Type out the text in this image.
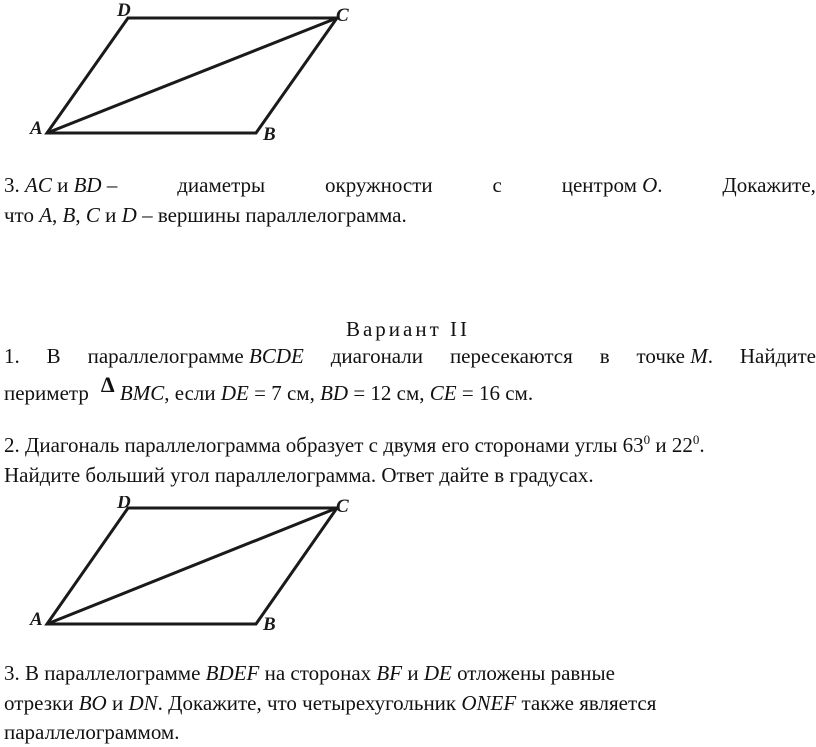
D	C
A	B
3. AC и BD –	диаметры	окружности	с	центром O.	Докажите,
что A, B, C и D – вершины параллелограмма.
Вариант II
1. В параллелограмме BCDE диагонали пересекаются в точке M. Найдите
периметр Δ BMC, если DE = 7 см, BD = 12 см, CE = 16 см.
2. Диагональ параллелограмма образует с двумя его сторонами углы $63^0$ и $22^0$.
Найдите больший угол параллелограмма. Ответ дайте в градусах.
D	C
A	B
3. В параллелограмме BDEF на сторонах BF и DE отложены равные
отрезки BO и DN. Докажите, что четырехугольник ONEF также является
параллелограммом.
